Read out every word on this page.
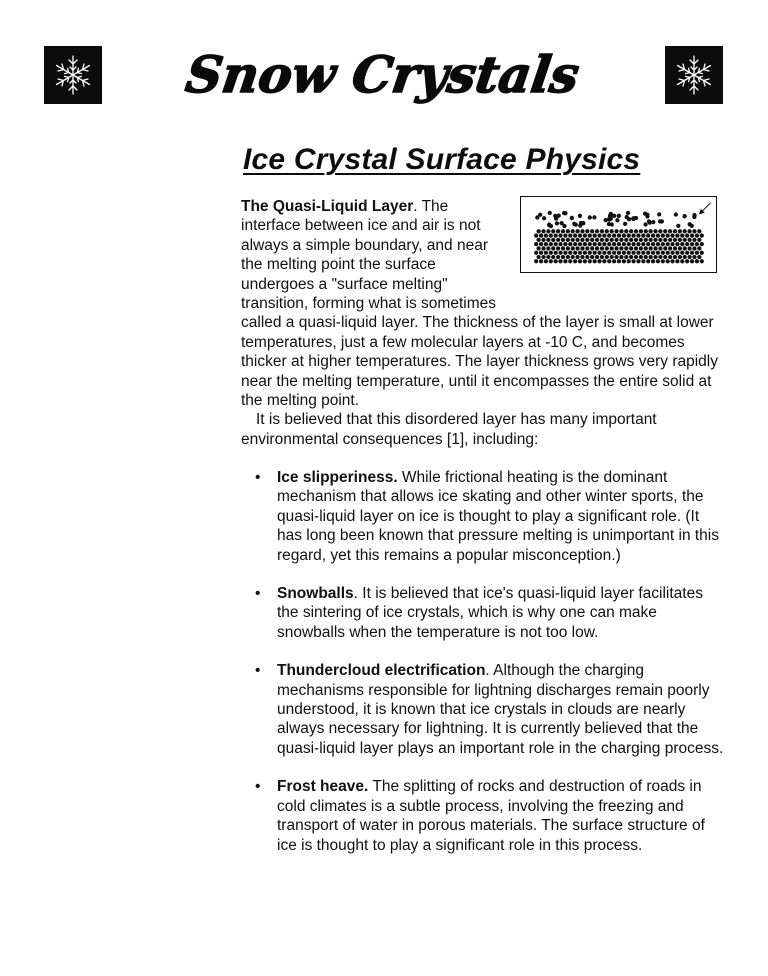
Snow Crystals
Ice Crystal Surface Physics

The Quasi-Liquid Layer. The interface between ice and air is not always a simple boundary, and near the melting point the surface undergoes a "surface melting" transition, forming what is sometimes called a quasi-liquid layer. The thickness of the layer is small at lower temperatures, just a few molecular layers at -10 C, and becomes thicker at higher temperatures. The layer thickness grows very rapidly near the melting temperature, until it encompasses the entire solid at the melting point.

It is believed that this disordered layer has many important environmental consequences [1], including:

• Ice slipperiness. While frictional heating is the dominant mechanism that allows ice skating and other winter sports, the quasi-liquid layer on ice is thought to play a significant role. (It has long been known that pressure melting is unimportant in this regard, yet this remains a popular misconception.)
• Snowballs. It is believed that ice's quasi-liquid layer facilitates the sintering of ice crystals, which is why one can make snowballs when the temperature is not too low.
• Thundercloud electrification. Although the charging mechanisms responsible for lightning discharges remain poorly understood, it is known that ice crystals in clouds are nearly always necessary for lightning. It is currently believed that the quasi-liquid layer plays an important role in the charging process.
• Frost heave. The splitting of rocks and destruction of roads in cold climates is a subtle process, involving the freezing and transport of water in porous materials. The surface structure of ice is thought to play a significant role in this process.
